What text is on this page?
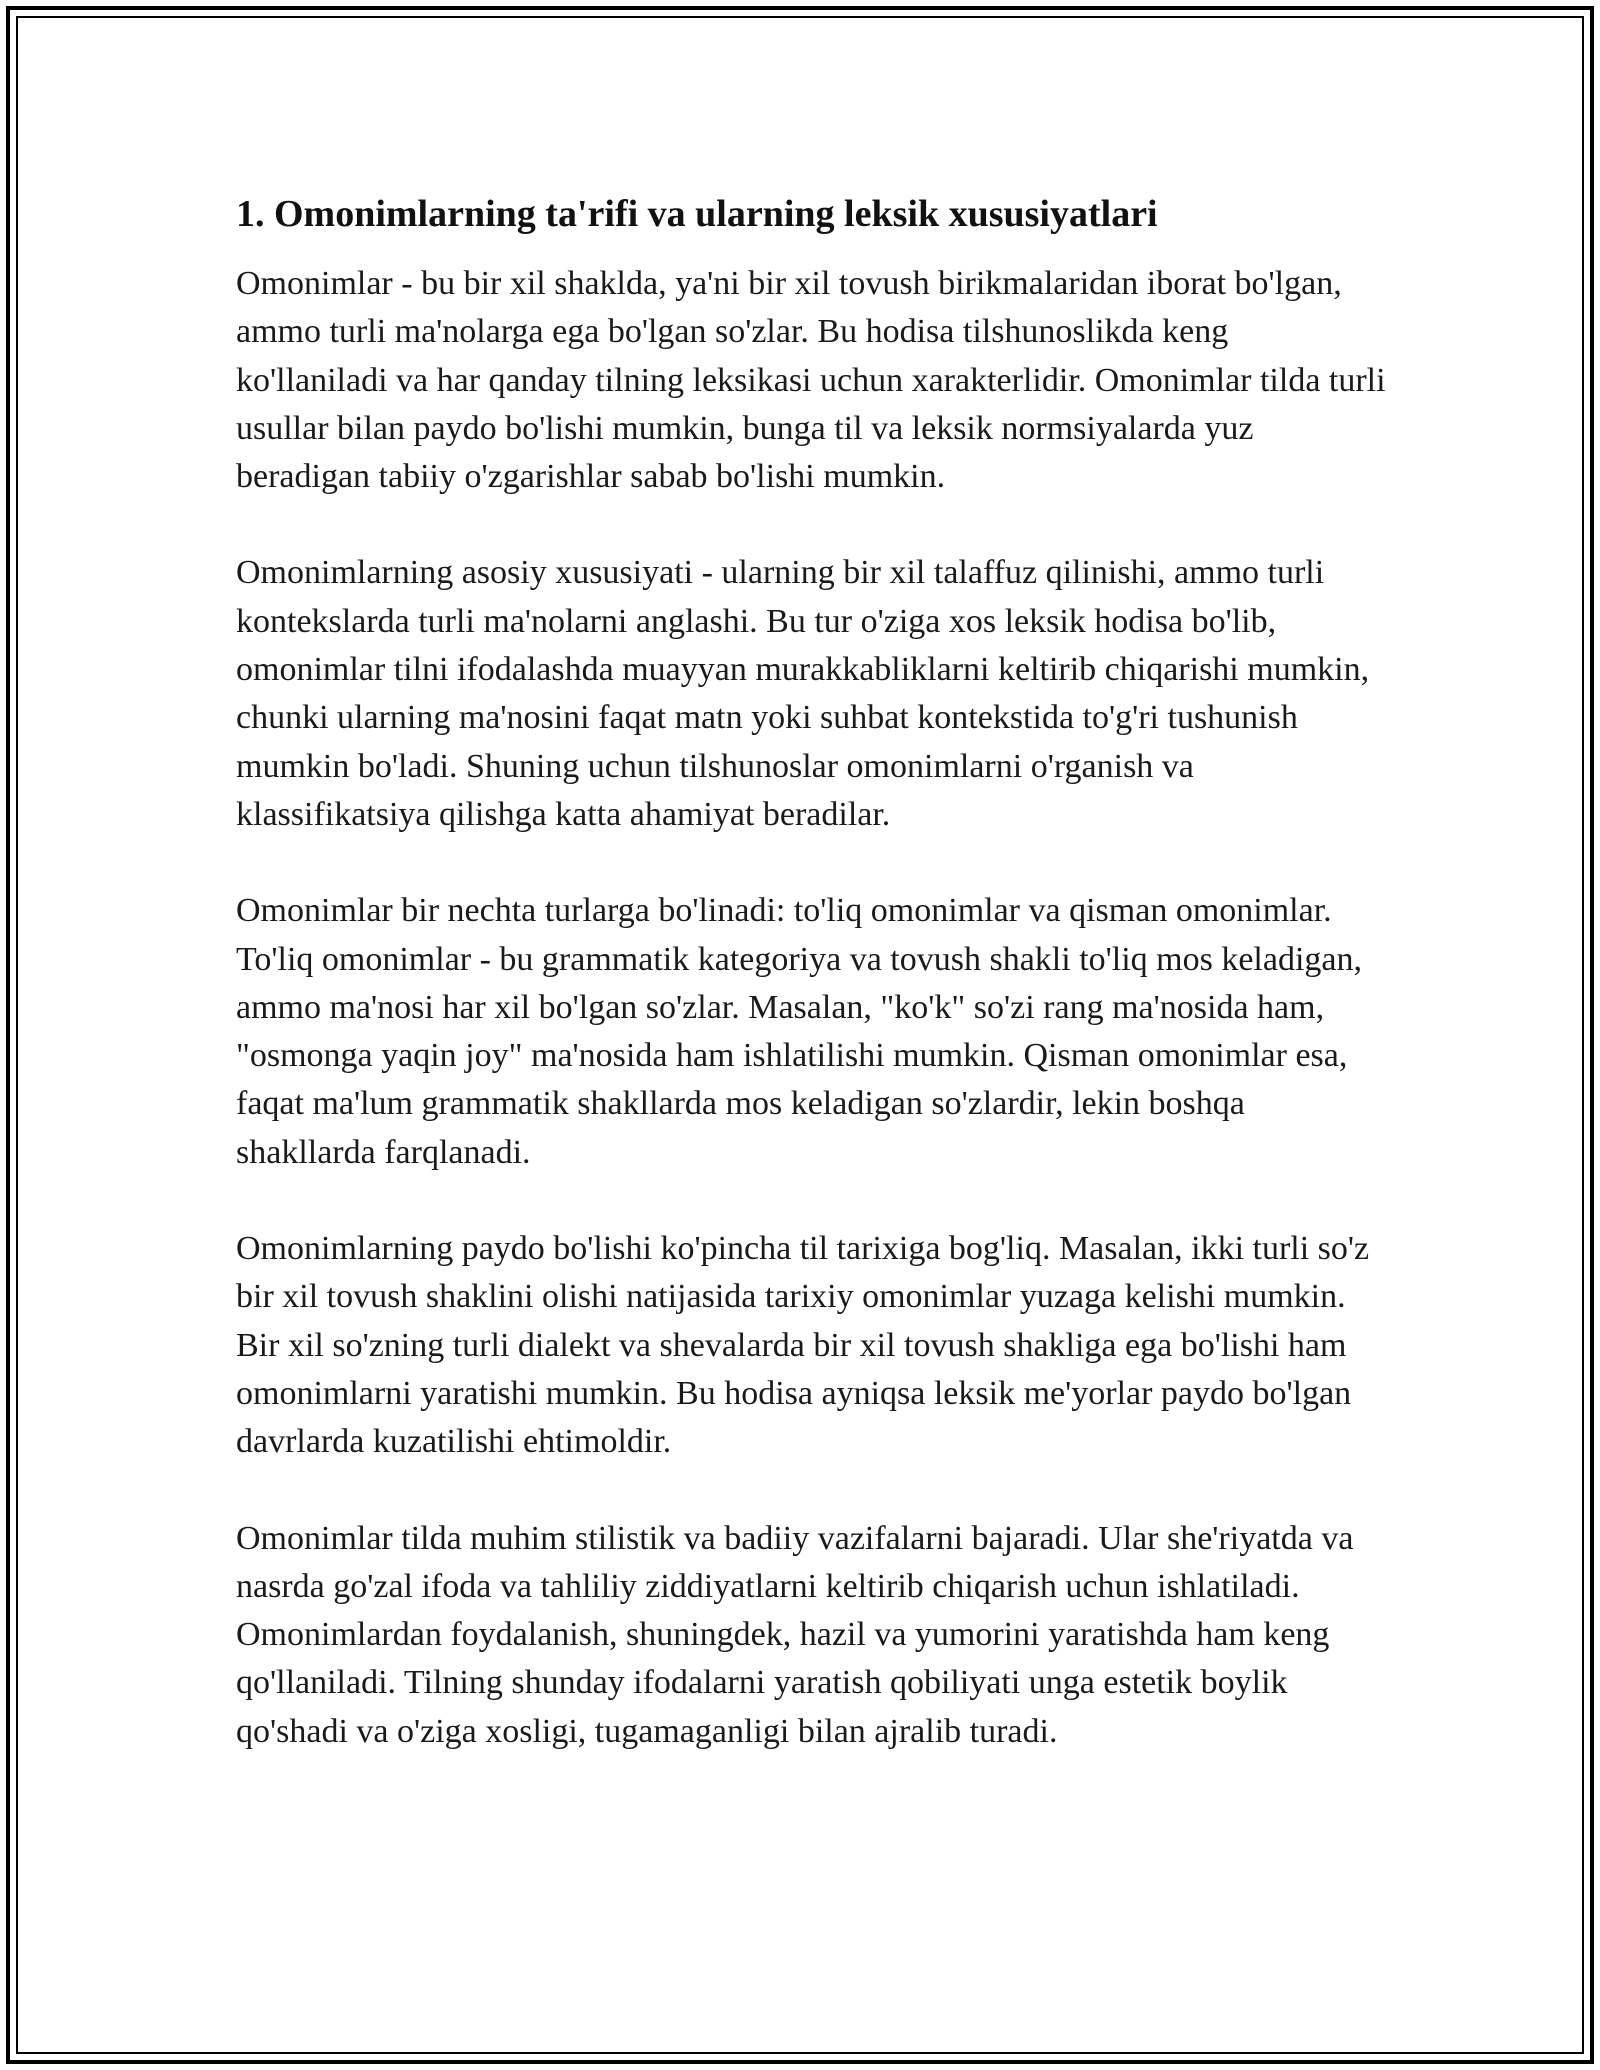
1. Omonimlarning ta'rifi va ularning leksik xususiyatlari

Omonimlar - bu bir xil shaklda, ya'ni bir xil tovush birikmalaridan iborat bo'lgan, ammo turli ma'nolarga ega bo'lgan so'zlar. Bu hodisa tilshunoslikda keng ko'llaniladi va har qanday tilning leksikasi uchun xarakterlidir. Omonimlar tilda turli usullar bilan paydo bo'lishi mumkin, bunga til va leksik normsiyalarda yuz beradigan tabiiy o'zgarishlar sabab bo'lishi mumkin.

Omonimlarning asosiy xususiyati - ularning bir xil talaffuz qilinishi, ammo turli kontekslarda turli ma'nolarni anglashi. Bu tur o'ziga xos leksik hodisa bo'lib, omonimlar tilni ifodalashda muayyan murakkabliklarni keltirib chiqarishi mumkin, chunki ularning ma'nosini faqat matn yoki suhbat kontekstida to'g'ri tushunish mumkin bo'ladi. Shuning uchun tilshunoslar omonimlarni o'rganish va klassifikatsiya qilishga katta ahamiyat beradilar.

Omonimlar bir nechta turlarga bo'linadi: to'liq omonimlar va qisman omonimlar. To'liq omonimlar - bu grammatik kategoriya va tovush shakli to'liq mos keladigan, ammo ma'nosi har xil bo'lgan so'zlar. Masalan, "ko'k" so'zi rang ma'nosida ham, "osmonga yaqin joy" ma'nosida ham ishlatilishi mumkin. Qisman omonimlar esa, faqat ma'lum grammatik shakllarda mos keladigan so'zlardir, lekin boshqa shakllarda farqlanadi.

Omonimlarning paydo bo'lishi ko'pincha til tarixiga bog'liq. Masalan, ikki turli so'z bir xil tovush shaklini olishi natijasida tarixiy omonimlar yuzaga kelishi mumkin. Bir xil so'zning turli dialekt va shevalarda bir xil tovush shakliga ega bo'lishi ham omonimlarni yaratishi mumkin. Bu hodisa ayniqsa leksik me'yorlar paydo bo'lgan davrlarda kuzatilishi ehtimoldir.

Omonimlar tilda muhim stilistik va badiiy vazifalarni bajaradi. Ular she'riyatda va nasrda go'zal ifoda va tahliliy ziddiyatlarni keltirib chiqarish uchun ishlatiladi. Omonimlardan foydalanish, shuningdek, hazil va yumorini yaratishda ham keng qo'llaniladi. Tilning shunday ifodalarni yaratish qobiliyati unga estetik boylik qo'shadi va o'ziga xosligi, tugamaganligi bilan ajralib turadi.
